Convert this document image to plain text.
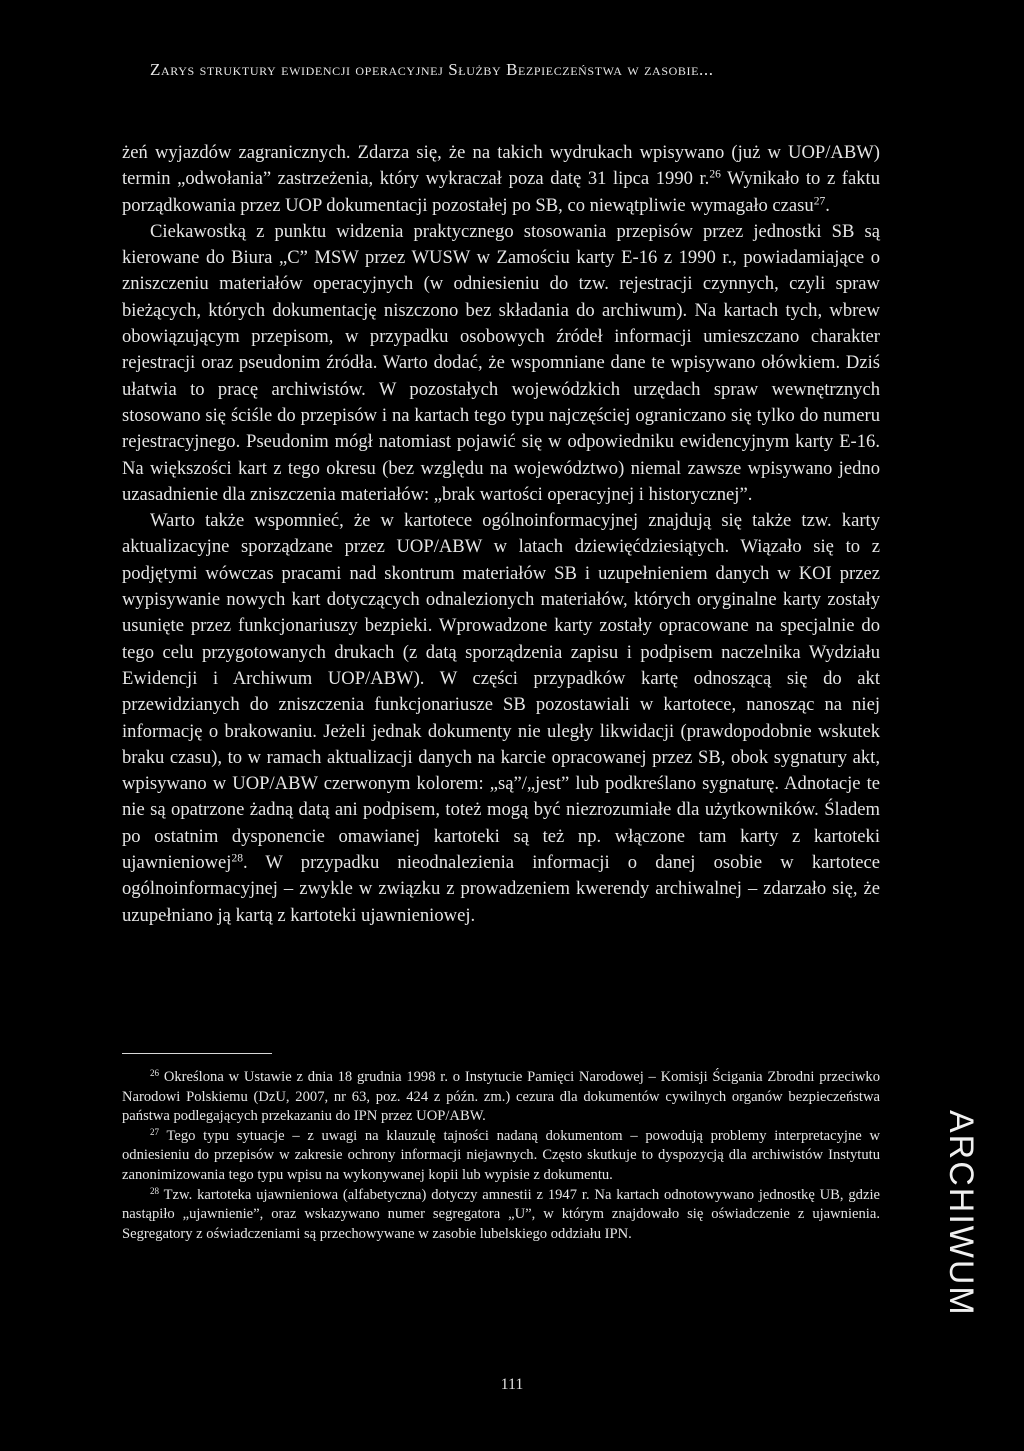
Zarys struktury ewidencji operacyjnej Służby Bezpieczeństwa w zasobie...

żeń wyjazdów zagranicznych. Zdarza się, że na takich wydrukach wpisywano (już w UOP/ABW) termin „odwołania” zastrzeżenia, który wykraczał poza datę 31 lipca 1990 r.$^{26}$ Wynikało to z faktu porządkowania przez UOP dokumentacji pozostałej po SB, co niewątpliwie wymagało czasu$^{27}$.

Ciekawostką z punktu widzenia praktycznego stosowania przepisów przez jednostki SB są kierowane do Biura „C” MSW przez WUSW w Zamościu karty E-16 z 1990 r., powiadamiające o zniszczeniu materiałów operacyjnych (w odniesieniu do tzw. rejestracji czynnych, czyli spraw bieżących, których dokumentację niszczono bez składania do archiwum). Na kartach tych, wbrew obowiązującym przepisom, w przypadku osobowych źródeł informacji umieszczano charakter rejestracji oraz pseudonim źródła. Warto dodać, że wspomniane dane te wpisywano ołówkiem. Dziś ułatwia to pracę archiwistów. W pozostałych wojewódzkich urzędach spraw wewnętrznych stosowano się ściśle do przepisów i na kartach tego typu najczęściej ograniczano się tylko do numeru rejestracyjnego. Pseudonim mógł natomiast pojawić się w odpowiedniku ewidencyjnym karty E-16. Na większości kart z tego okresu (bez względu na województwo) niemal zawsze wpisywano jedno uzasadnienie dla zniszczenia materiałów: „brak wartości operacyjnej i historycznej”.

Warto także wspomnieć, że w kartotece ogólnoinformacyjnej znajdują się także tzw. karty aktualizacyjne sporządzane przez UOP/ABW w latach dziewięćdziesiątych. Wiązało się to z podjętymi wówczas pracami nad skontrum materiałów SB i uzupełnieniem danych w KOI przez wypisywanie nowych kart dotyczących odnalezionych materiałów, których oryginalne karty zostały usunięte przez funkcjonariuszy bezpieki. Wprowadzone karty zostały opracowane na specjalnie do tego celu przygotowanych drukach (z datą sporządzenia zapisu i podpisem naczelnika Wydziału Ewidencji i Archiwum UOP/ABW). W części przypadków kartę odnoszącą się do akt przewidzianych do zniszczenia funkcjonariusze SB pozostawiali w kartotece, nanosząc na niej informację o brakowaniu. Jeżeli jednak dokumenty nie uległy likwidacji (prawdopodobnie wskutek braku czasu), to w ramach aktualizacji danych na karcie opracowanej przez SB, obok sygnatury akt, wpisywano w UOP/ABW czerwonym kolorem: „są”/„jest” lub podkreślano sygnaturę. Adnotacje te nie są opatrzone żadną datą ani podpisem, toteż mogą być niezrozumiałe dla użytkowników. Śladem po ostatnim dysponencie omawianej kartoteki są też np. włączone tam karty z kartoteki ujawnieniowej$^{28}$. W przypadku nieodnalezienia informacji o danej osobie w kartotece ogólnoinformacyjnej – zwykle w związku z prowadzeniem kwerendy archiwalnej – zdarzało się, że uzupełniano ją kartą z kartoteki ujawnieniowej.

$^{26}$ Określona w Ustawie z dnia 18 grudnia 1998 r. o Instytucie Pamięci Narodowej – Komisji Ścigania Zbrodni przeciwko Narodowi Polskiemu (DzU, 2007, nr 63, poz. 424 z późn. zm.) cezura dla dokumentów cywilnych organów bezpieczeństwa państwa podlegających przekazaniu do IPN przez UOP/ABW.

$^{27}$ Tego typu sytuacje – z uwagi na klauzulę tajności nadaną dokumentom – powodują problemy interpretacyjne w odniesieniu do przepisów w zakresie ochrony informacji niejawnych. Często skutkuje to dyspozycją dla archiwistów Instytutu zanonimizowania tego typu wpisu na wykonywanej kopii lub wypisie z dokumentu.

$^{28}$ Tzw. kartoteka ujawnieniowa (alfabetyczna) dotyczy amnestii z 1947 r. Na kartach odnotowywano jednostkę UB, gdzie nastąpiło „ujawnienie”, oraz wskazywano numer segregatora „U”, w którym znajdowało się oświadczenie z ujawnienia. Segregatory z oświadczeniami są przechowywane w zasobie lubelskiego oddziału IPN.	ARCHIWUM
111
